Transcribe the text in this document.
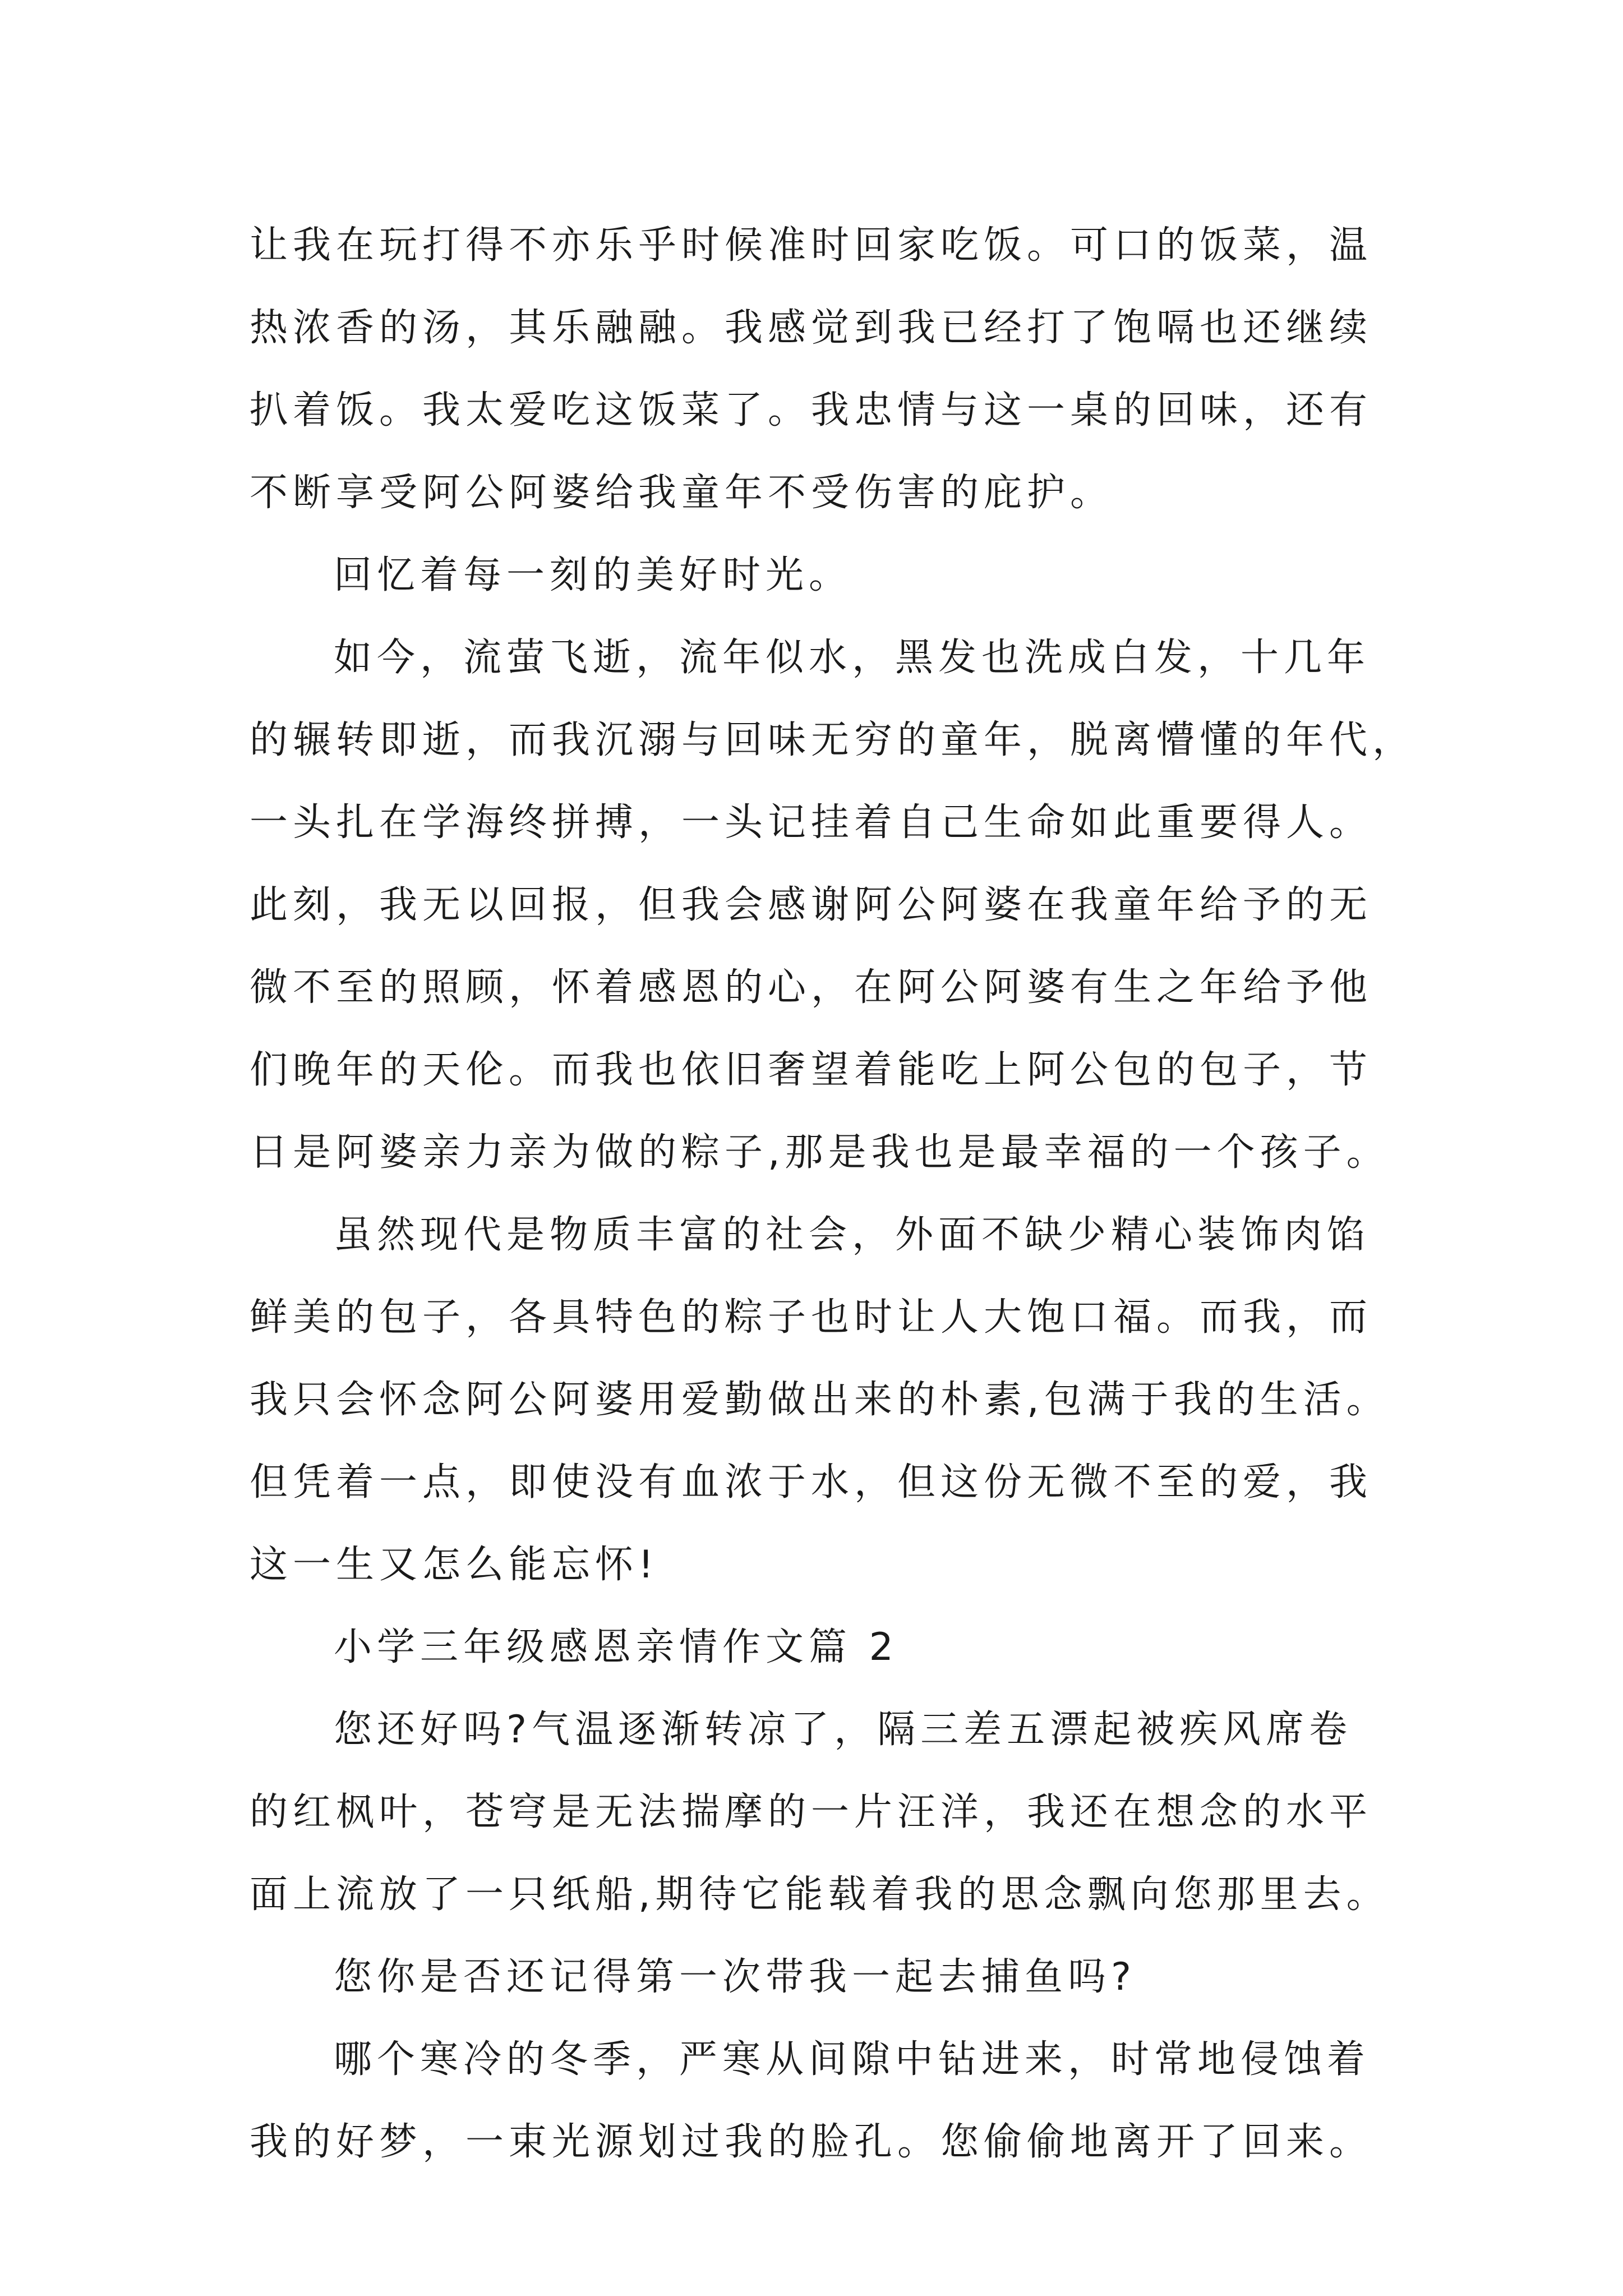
让我在玩打得不亦乐乎时候准时回家吃饭。可口的饭菜，温
热浓香的汤，其乐融融。我感觉到我已经打了饱嗝也还继续
扒着饭。我太爱吃这饭菜了。我忠情与这一桌的回味，还有
不断享受阿公阿婆给我童年不受伤害的庇护。
回忆着每一刻的美好时光。
如今，流萤飞逝，流年似水，黑发也洗成白发，十几年
的辗转即逝，而我沉溺与回味无穷的童年，脱离懵懂的年代，
一头扎在学海终拼搏，一头记挂着自己生命如此重要得人。
此刻，我无以回报，但我会感谢阿公阿婆在我童年给予的无
微不至的照顾，怀着感恩的心，在阿公阿婆有生之年给予他
们晚年的天伦。而我也依旧奢望着能吃上阿公包的包子，节
日是阿婆亲力亲为做的粽子,那是我也是最幸福的一个孩子。
虽然现代是物质丰富的社会，外面不缺少精心装饰肉馅
鲜美的包子，各具特色的粽子也时让人大饱口福。而我，而
我只会怀念阿公阿婆用爱勤做出来的朴素,包满于我的生活。
但凭着一点，即使没有血浓于水，但这份无微不至的爱，我
这一生又怎么能忘怀!
小学三年级感恩亲情作文篇 2
您还好吗?气温逐渐转凉了，隔三差五漂起被疾风席卷
的红枫叶，苍穹是无法揣摩的一片汪洋，我还在想念的水平
面上流放了一只纸船,期待它能载着我的思念飘向您那里去。
您你是否还记得第一次带我一起去捕鱼吗?
哪个寒冷的冬季，严寒从间隙中钻进来，时常地侵蚀着
我的好梦，一束光源划过我的脸孔。您偷偷地离开了回来。
